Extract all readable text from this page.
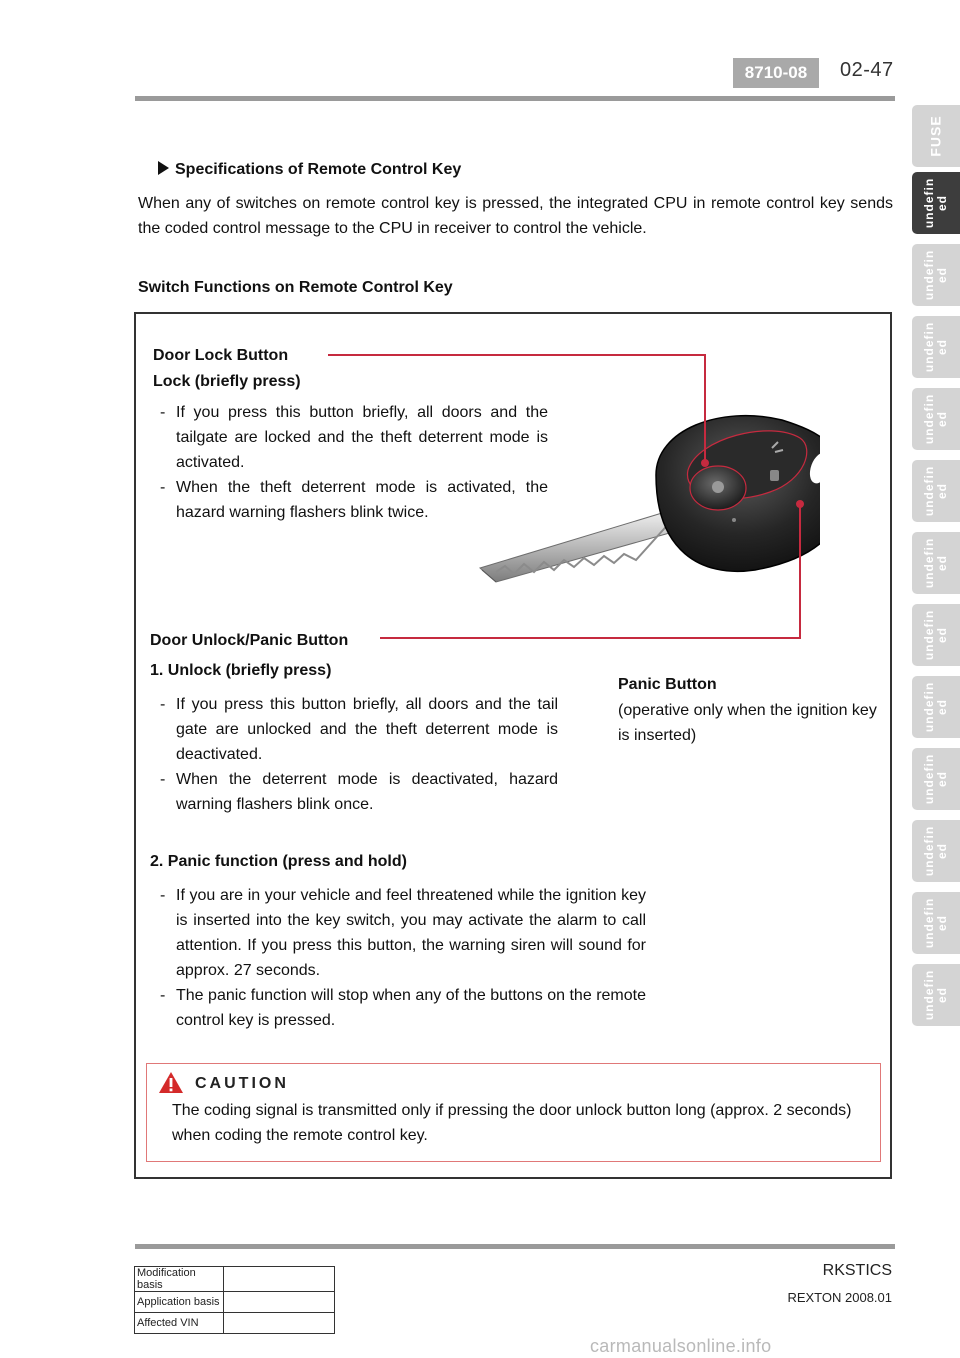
8710-08	02-47
FUSE
undefin ed
undefin ed
undefin ed
undefin ed
undefin ed
undefin ed
undefin ed
undefin ed
undefin ed
undefin ed
undefin ed
undefin ed
Specifications of Remote Control Key
When any of switches on remote control key is pressed, the integrated CPU in remote control key sends the coded control message to the CPU in receiver to control the vehicle.
Switch Functions on Remote Control Key
Door Lock Button
Lock (briefly press)
- If you press this button briefly, all doors and the tailgate are locked and the theft deterrent mode is activated.
- When the theft deterrent mode is activated, the hazard warning flashers blink twice.
Door Unlock/Panic Button
1. Unlock (briefly press)
- If you press this button briefly, all doors and the tail gate are unlocked and the theft deterrent mode is deactivated.
- When the deterrent mode is deactivated, hazard warning flashers blink once.
Panic Button
(operative only when the ignition key is inserted)
2. Panic function (press and hold)
- If you are in your vehicle and feel threatened while the ignition key is inserted into the key switch, you may activate the alarm to call attention. If you press this button, the warning siren will sound for approx. 27 seconds.
- The panic function will stop when any of the buttons on the remote control key is pressed.
CAUTION
The coding signal is transmitted only if pressing the door unlock button long (approx. 2 seconds) when coding the remote control key.
RKSTICS
REXTON 2008.01
Modification basis	
Application basis	
Affected VIN	
carmanualsonline.info
